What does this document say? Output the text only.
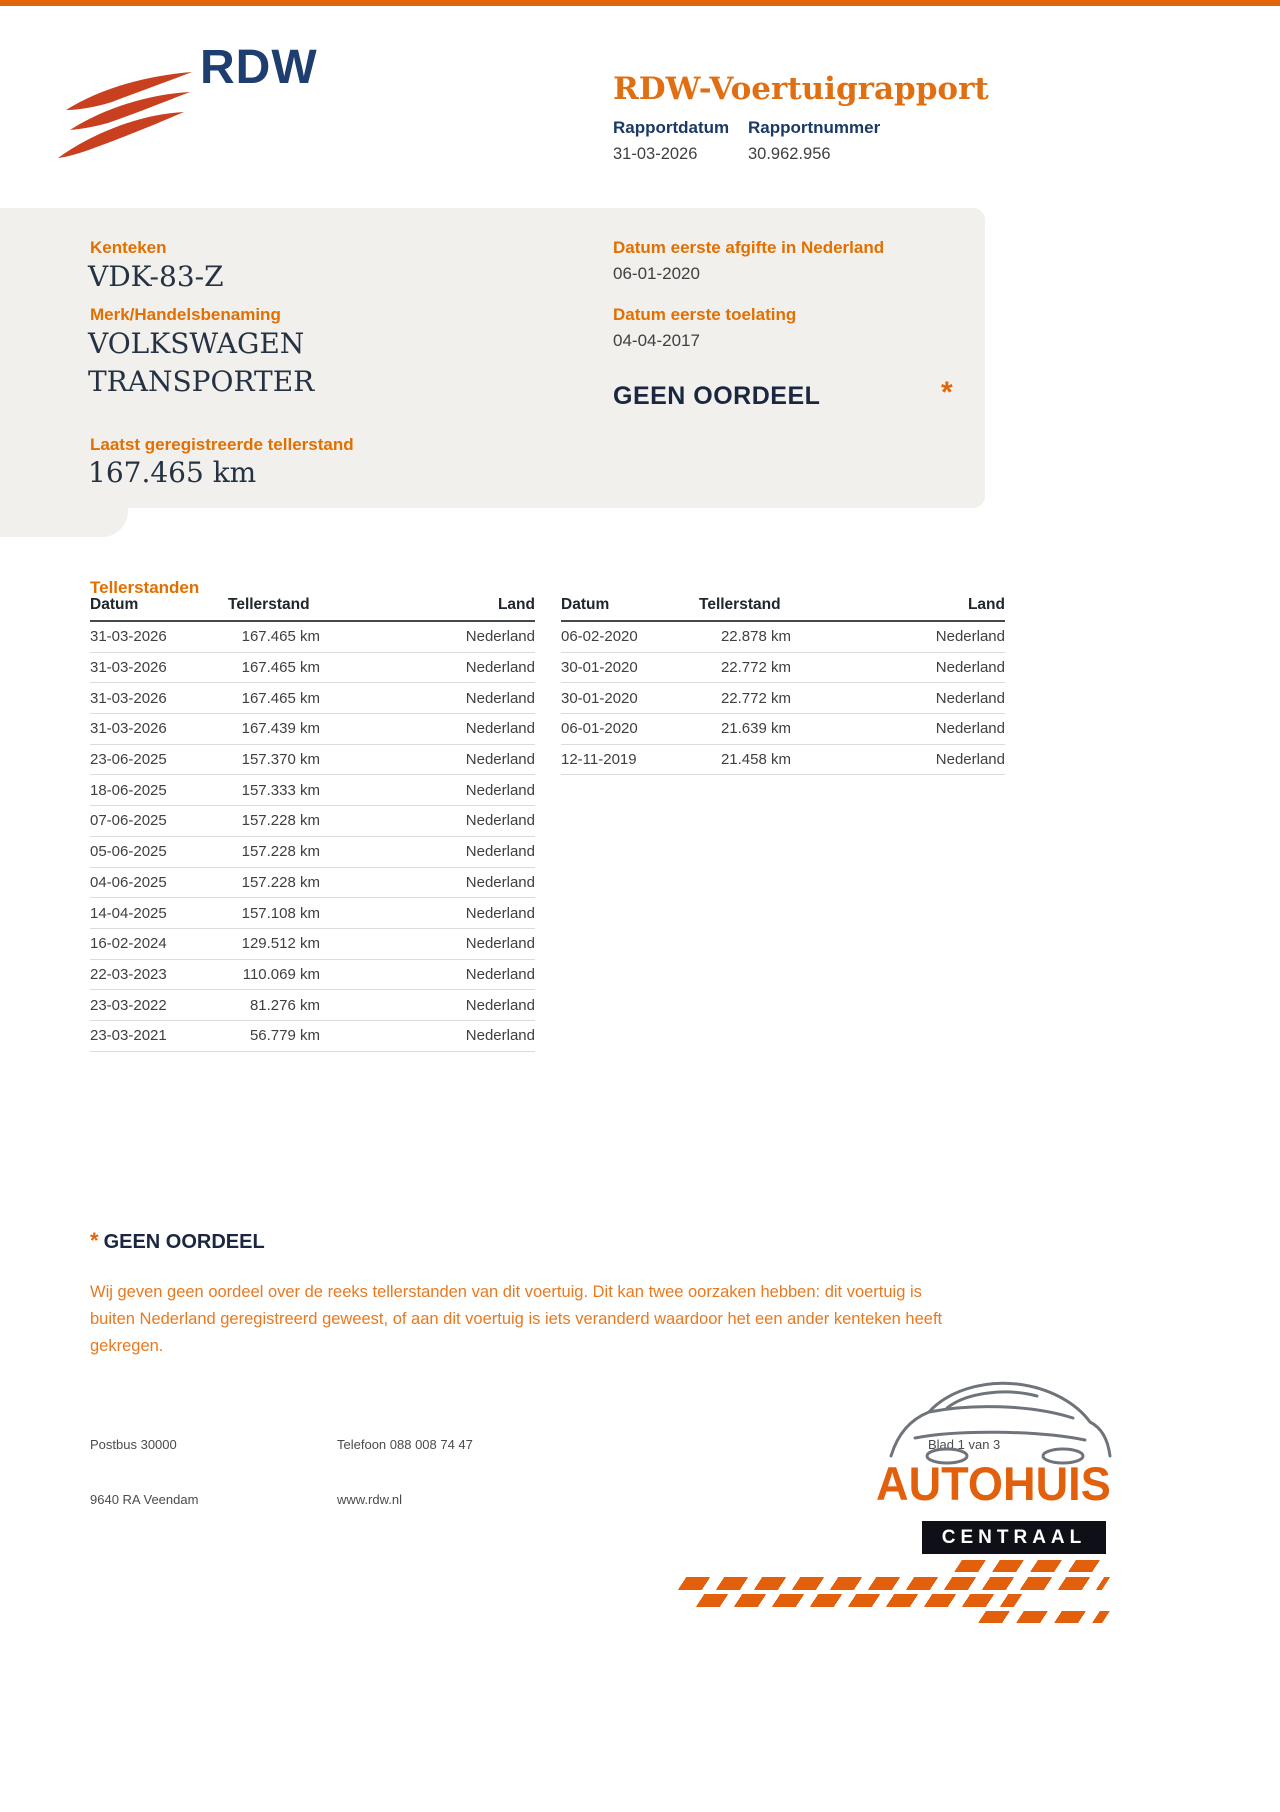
RDW	RDW-Voertuigrapport
Rapportdatum Rapportnummer
31-03-2026	30.962.956
Kenteken
VDK-83-Z
Merk/Handelsbenaming
VOLKSWAGEN
TRANSPORTER
Laatst geregistreerde tellerstand
167.465 km
Datum eerste afgifte in Nederland
06-01-2020
Datum eerste toelating
04-04-2017
GEEN OORDEEL	*
Tellerstanden
Datum	Tellerstand	Land
31-03-2026	167.465 km	Nederland
31-03-2026	167.465 km	Nederland
31-03-2026	167.465 km	Nederland
31-03-2026	167.439 km	Nederland
23-06-2025	157.370 km	Nederland
18-06-2025	157.333 km	Nederland
07-06-2025	157.228 km	Nederland
05-06-2025	157.228 km	Nederland
04-06-2025	157.228 km	Nederland
14-04-2025	157.108 km	Nederland
16-02-2024	129.512 km	Nederland
22-03-2023	110.069 km	Nederland
23-03-2022	81.276 km	Nederland
23-03-2021	56.779 km	Nederland
Datum	Tellerstand	Land
06-02-2020	22.878 km	Nederland
30-01-2020	22.772 km	Nederland
30-01-2020	22.772 km	Nederland
06-01-2020	21.639 km	Nederland
12-11-2019	21.458 km	Nederland
* GEEN OORDEEL

Wij geven geen oordeel over de reeks tellerstanden van dit voertuig. Dit kan twee oorzaken hebben: dit voertuig is buiten Nederland geregistreerd geweest, of aan dit voertuig is iets veranderd waardoor het een ander kenteken heeft gekregen.

Postbus 30000
9640 RA Veendam
Telefoon 088 008 74 47
www.rdw.nl
Blad 1 van 3
AUTOHUIS
CENTRAAL
